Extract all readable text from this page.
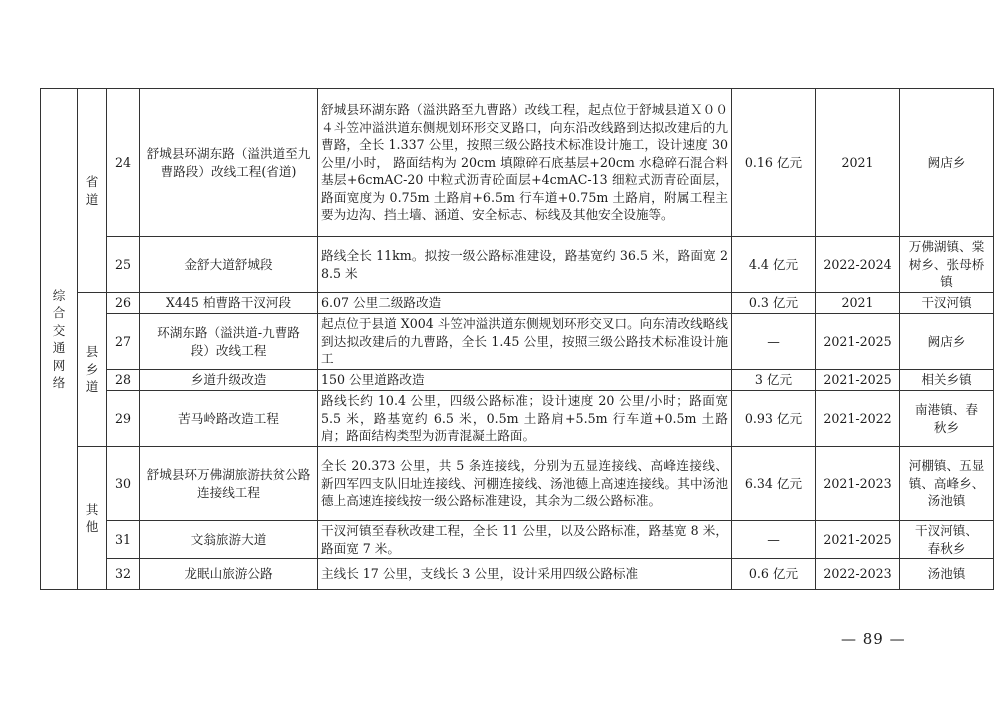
综合交通网络	省道	24	舒城县环湖东路（溢洪道至九曹路段）改线工程(省道)	舒城县环湖东路（溢洪路至九曹路）改线工程，起点位于舒城县道Ｘ００４斗笠冲溢洪道东侧规划环形交叉路口，向东沿改线路到达拟改建后的九曹路，全长 1.337 公里，按照三级公路技术标准设计施工，设计速度 30 公里/小时， 路面结构为 20cm 填隙碎石底基层+20cm 水稳碎石混合料基层+6cmAC-20 中粒式沥青砼面层+4cmAC-13 细粒式沥青砼面层，路面宽度为 0.75m 土路肩+6.5m 行车道+0.75m 土路肩，附属工程主要为边沟、挡土墙、涵道、安全标志、标线及其他安全设施等。	0.16 亿元	2021	阙店乡
		25	金舒大道舒城段	路线全长 11km。拟按一级公路标准建设，路基宽约 36.5 米，路面宽 28.5 米	4.4 亿元	2022-2024	万佛湖镇、棠树乡、张母桥镇

	县乡道	26	X445 柏曹路干汊河段	6.07 公里二级路改造	0.3 亿元	2021	干汊河镇
		27	环湖东路（溢洪道-九曹路段）改线工程	起点位于县道 X004 斗笠冲溢洪道东侧规划环形交叉口。向东清改线略线到达拟改建后的九曹路，全长 1.45 公里，按照三级公路技术标准设计施工	—	2021-2025	阙店乡
		28	乡道升级改造	150 公里道路改造	3 亿元	2021-2025	相关乡镇
		29	苦马岭路改造工程	路线长约 10.4 公里，四级公路标准；设计速度 20 公里/小时；路面宽 5.5 米，路基宽约 6.5 米，0.5m 土路肩+5.5m 行车道+0.5m 土路肩；路面结构类型为沥青混凝土路面。	0.93 亿元	2021-2022	南港镇、春秋乡

	其他	30	舒城县环万佛湖旅游扶贫公路连接线工程	全长 20.373 公里，共 5 条连接线，分别为五显连接线、高峰连接线、新四军四支队旧址连接线、河棚连接线、汤池德上高速连接线。其中汤池德上高速连接线按一级公路标准建设，其余为二级公路标准。	6.34 亿元	2021-2023	河棚镇、五显镇、高峰乡、汤池镇
		31	文翁旅游大道	干汊河镇至春秋改建工程，全长 11 公里，以及公路标准，路基宽 8 米，路面宽 7 米。	—	2021-2025	干汊河镇、春秋乡
		32	龙眠山旅游公路	主线长 17 公里，支线长 3 公里，设计采用四级公路标准	0.6 亿元	2022-2023	汤池镇
— 89 —
